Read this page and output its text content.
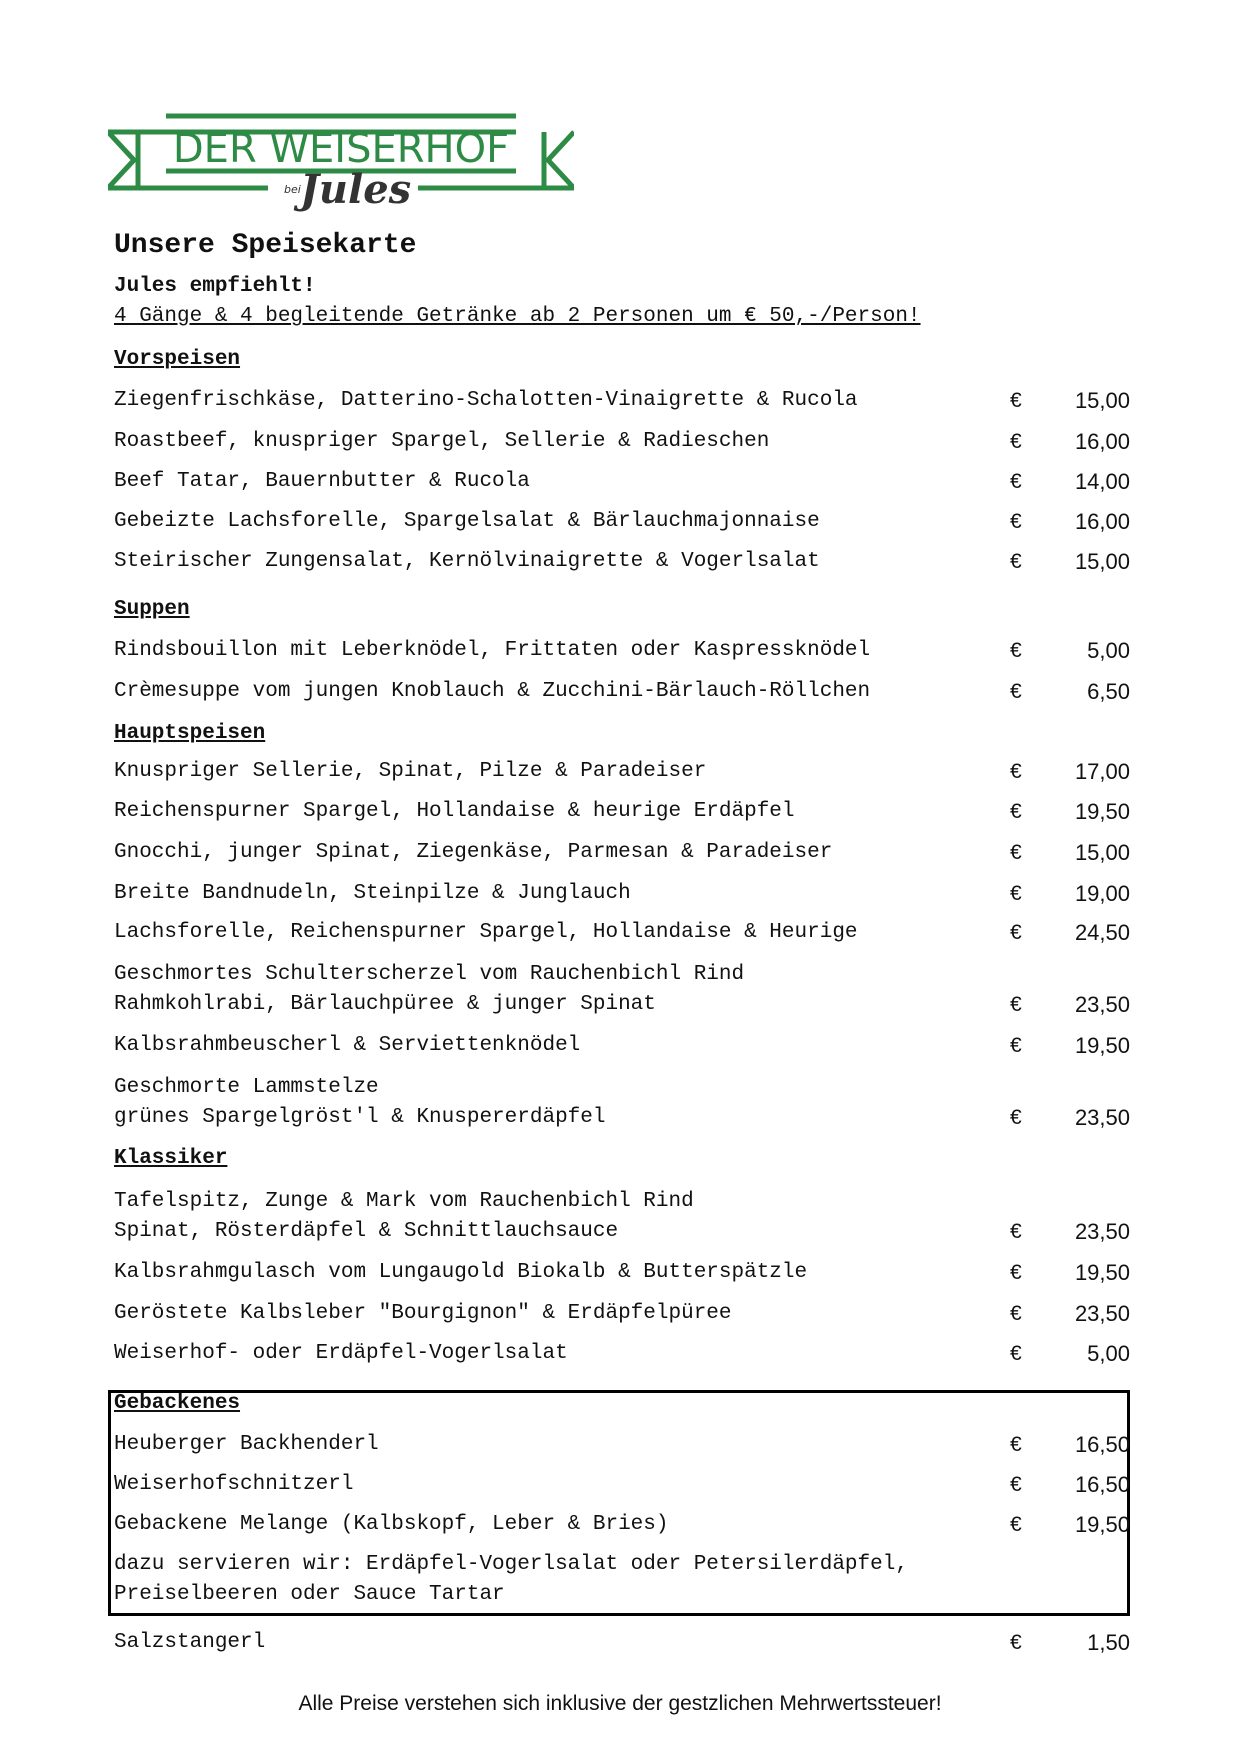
DER WEISERHOF
bei Jules
Unsere Speisekarte
Jules empfiehlt!
4 Gänge & 4 begleitende Getränke ab 2 Personen um € 50,-/Person!
Vorspeisen
Ziegenfrischkäse, Datterino-Schalotten-Vinaigrette & Rucola	€ 15,00
Roastbeef, knuspriger Spargel, Sellerie & Radieschen	€ 16,00
Beef Tatar, Bauernbutter & Rucola	€ 14,00
Gebeizte Lachsforelle, Spargelsalat & Bärlauchmajonnaise	€ 16,00
Steirischer Zungensalat, Kernölvinaigrette & Vogerlsalat	€ 15,00
Suppen
Rindsbouillon mit Leberknödel, Frittaten oder Kaspressknödel	€	5,00
Crèmesuppe vom jungen Knoblauch & Zucchini-Bärlauch-Röllchen	€	6,50
Hauptspeisen
Knuspriger Sellerie, Spinat, Pilze & Paradeiser	€ 17,00
Reichenspurner Spargel, Hollandaise & heurige Erdäpfel	€ 19,50
Gnocchi, junger Spinat, Ziegenkäse, Parmesan & Paradeiser	€ 15,00
Breite Bandnudeln, Steinpilze & Junglauch	€ 19,00
Lachsforelle, Reichenspurner Spargel, Hollandaise & Heurige	€ 24,50
Geschmortes Schulterscherzel vom Rauchenbichl Rind
Rahmkohlrabi, Bärlauchpüree & junger Spinat	€ 23,50
Kalbsrahmbeuscherl & Serviettenknödel	€ 19,50
Geschmorte Lammstelze
grünes Spargelgröst'l & Knuspererdäpfel	€ 23,50
Klassiker
Tafelspitz, Zunge & Mark vom Rauchenbichl Rind
Spinat, Rösterdäpfel & Schnittlauchsauce	€ 23,50
Kalbsrahmgulasch vom Lungaugold Biokalb & Butterspätzle	€ 19,50
Geröstete Kalbsleber "Bourgignon" & Erdäpfelpüree	€ 23,50
Weiserhof- oder Erdäpfel-Vogerlsalat	€	5,00
Gebackenes
Heuberger Backhenderl	€ 16,50
Weiserhofschnitzerl	€ 16,50
Gebackene Melange (Kalbskopf, Leber & Bries)	€ 19,50
dazu servieren wir: Erdäpfel-Vogerlsalat oder Petersilerdäpfel,
Preiselbeeren oder Sauce Tartar
Salzstangerl	€	1,50
Alle Preise verstehen sich inklusive der gestzlichen Mehrwertssteuer!
